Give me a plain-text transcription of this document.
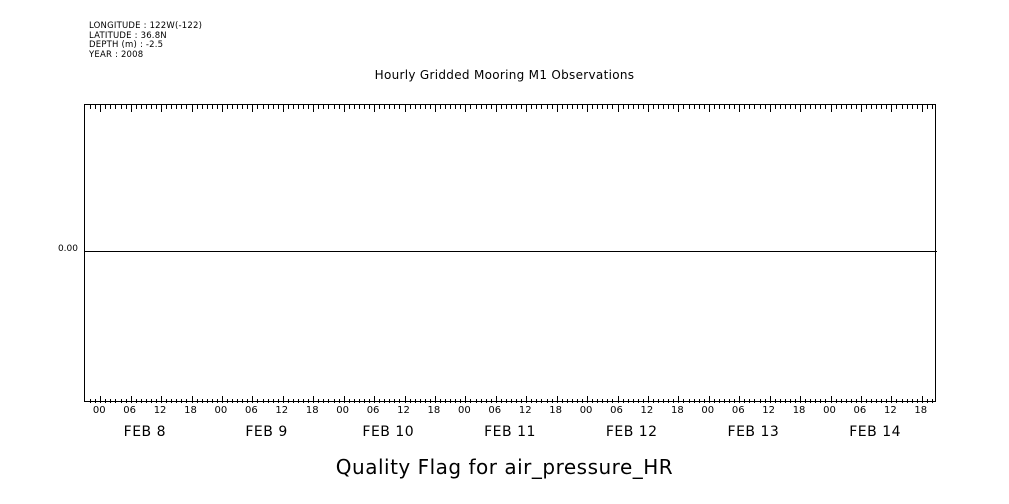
LONGITUDE : 122W(-122)
LATITUDE : 36.8N
DEPTH (m) : -2.5
YEAR : 2008
Hourly Gridded Mooring M1 Observations
0.00
00 06 12 18 00 06 12 18 00 06 12 18 00 06 12 18 00 06 12 18 00 06 12 18 00 06 12 18
FEB 8	FEB 9	FEB 10	FEB 11	FEB 12	FEB 13	FEB 14
Quality Flag for air_pressure_HR
